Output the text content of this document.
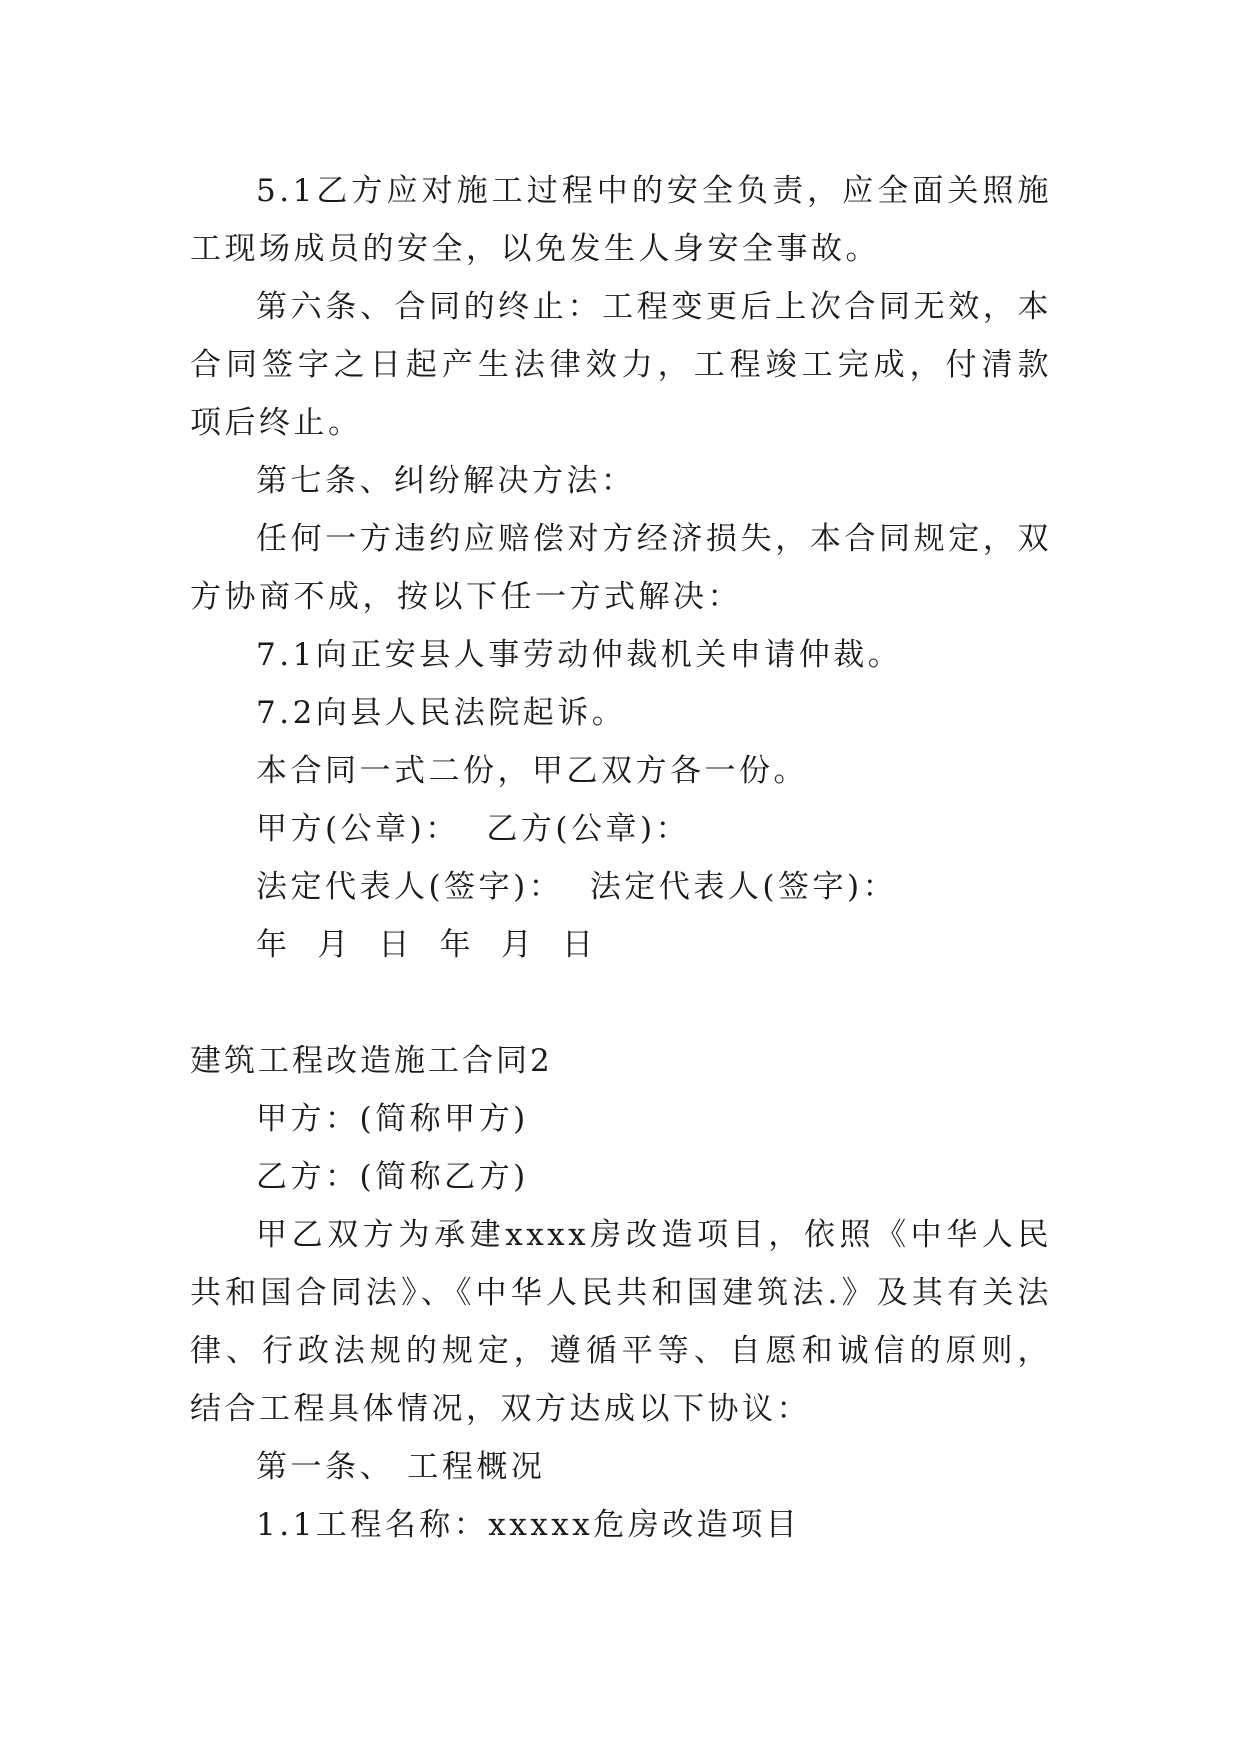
5.1乙方应对施工过程中的安全负责，应全面关照施工现场成员的安全，以免发生人身安全事故。

第六条、合同的终止：工程变更后上次合同无效，本合同签字之日起产生法律效力，工程竣工完成，付清款项后终止。

第七条、纠纷解决方法：

任何一方违约应赔偿对方经济损失，本合同规定，双方协商不成，按以下任一方式解决：

7.1向正安县人事劳动仲裁机关申请仲裁。

7.2向县人民法院起诉。

本合同一式二份，甲乙双方各一份。

甲方(公章)：  乙方(公章)：

法定代表人(签字)：  法定代表人(签字)：

年  月  日  年  月  日

建筑工程改造施工合同2

甲方：(简称甲方)

乙方：(简称乙方)

甲乙双方为承建xxxx房改造项目，依照《中华人民共和国合同法》、《中华人民共和国建筑法.》及其有关法律、行政法规的规定，遵循平等、自愿和诚信的原则，结合工程具体情况，双方达成以下协议：

第一条、 工程概况

1.1工程名称：xxxxx危房改造项目
